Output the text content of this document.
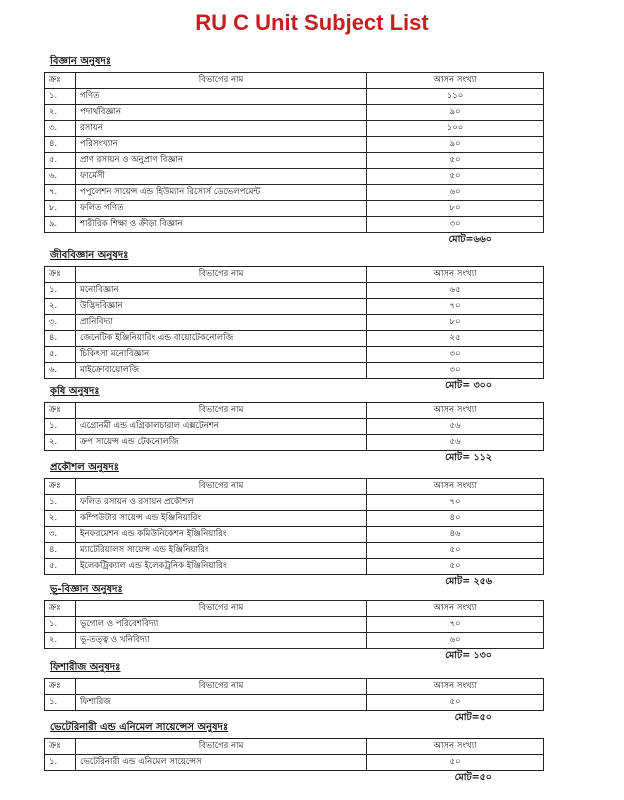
RU C Unit Subject List
বিজ্ঞান অনুষদঃ
ক্রঃ	বিভাগের নাম	আসন সংখ্যা
১.	গণিত	১১০
২.	পদার্থবিজ্ঞান	৯০
৩.	রসায়ন	১০০
৪.	পরিসংখ্যান	৯০
৫.	প্রাণ রসায়ন ও অনুপ্রাণ বিজ্ঞান	৫০
৬.	ফার্মেসী	৫০
৭.	পপুলেশন সায়েন্স এন্ড হিউম্যান রিসোর্স ডেভেলপমেন্ট	৬০
৮.	ফলিত গণিত	৮০
৯.	শারীরিক শিক্ষা ও ক্রীড়া বিজ্ঞান	৩০
মোট=৬৬০
জীববিজ্ঞান অনুষদঃ
ক্রঃ	বিভাগের নাম	আসন সংখ্যা
১.	মনোবিজ্ঞান	৬৫
২.	উদ্ভিদবিজ্ঞান	৭০
৩.	প্রানিবিদ্যা	৮০
৪.	জেনেটিক ইঞ্জিনিয়ারিং এন্ড বায়োটেকনোলজি	২৫
৫.	চিকিৎসা মনোবিজ্ঞান	৩০
৬.	মাইক্রোবায়োলজি	৩০
মোট= ৩০০
কৃষি অনুষদঃ
ক্রঃ	বিভাগের নাম	আসন সংখ্যা
১.	এগ্রোনমী এন্ড এগ্রিকালচারাল এক্সটেনশন	৫৬
২.	ক্রপ সায়েন্স এন্ড টেকনোলজি	৫৬
মোট= ১১২
প্রকৌশল অনুষদঃ
ক্রঃ	বিভাগের নাম	আসন সংখ্যা
১.	ফলিত রসায়ন ও রসায়ন প্রকৌশল	৭০
২.	কম্পিউটার সায়েন্স এন্ড ইঞ্জিনিয়ারিং	৪০
৩.	ইনফরমেশন এন্ড কমিউনিকেশন ইঞ্জিনিয়ারিং	৪৬
৪.	ম্যাটেরিয়ালস সায়েন্স এন্ড ইঞ্জিনিয়ারিং	৫০
৫.	ইলেকট্রিক্যাল এন্ড ইলেকট্রনিক ইঞ্জিনিয়ারিং	৫০
মোট= ২৫৬
ভূ-বিজ্ঞান অনুষদঃ
ক্রঃ	বিভাগের নাম	আসন সংখ্যা
১.	ভূগোল ও পরিবেশবিদ্যা	৭০
২.	ভূ-তত্ত্ব ও খনিবিদ্যা	৬০
মোট= ১৩০
ফিশারীজ অনুষদঃ
ক্রঃ	বিভাগের নাম	আসন সংখ্যা
১.	ফিশারিজ	৫০
মোট=৫০
ভেটেরিনারী এন্ড এনিমেল সায়েন্সেস অনুষদঃ
ক্রঃ	বিভাগের নাম	আসন সংখ্যা
১.	ভেটেরিনারী এন্ড এনিমেল সায়েন্সেস	৫০
মোট=৫০
